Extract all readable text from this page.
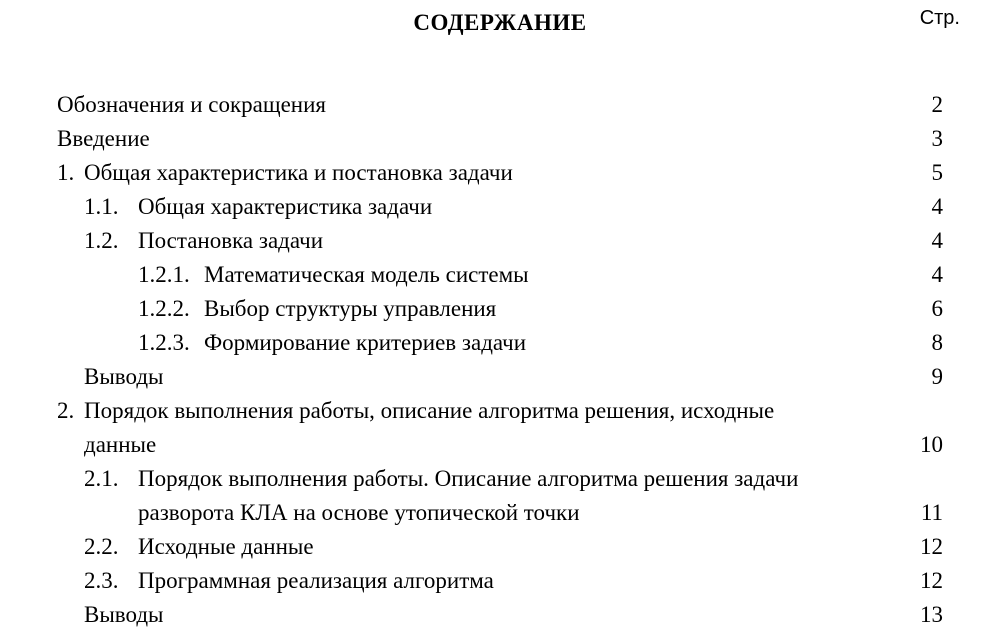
СОДЕРЖАНИЕ	Стр.
Обозначения и сокращения	2
Введение	3
1. Общая характеристика и постановка задачи	5
1.1. Общая характеристика задачи	4
1.2. Постановка задачи	4
1.2.1. Математическая модель системы	4
1.2.2. Выбор структуры управления	6
1.2.3. Формирование критериев задачи	8
Выводы	9
2. Порядок выполнения работы, описание алгоритма решения, исходные
данные	10
2.1. Порядок выполнения работы. Описание алгоритма решения задачи
разворота КЛА на основе утопической точки	11
2.2. Исходные данные	12
2.3. Программная реализация алгоритма	12
Выводы	13
